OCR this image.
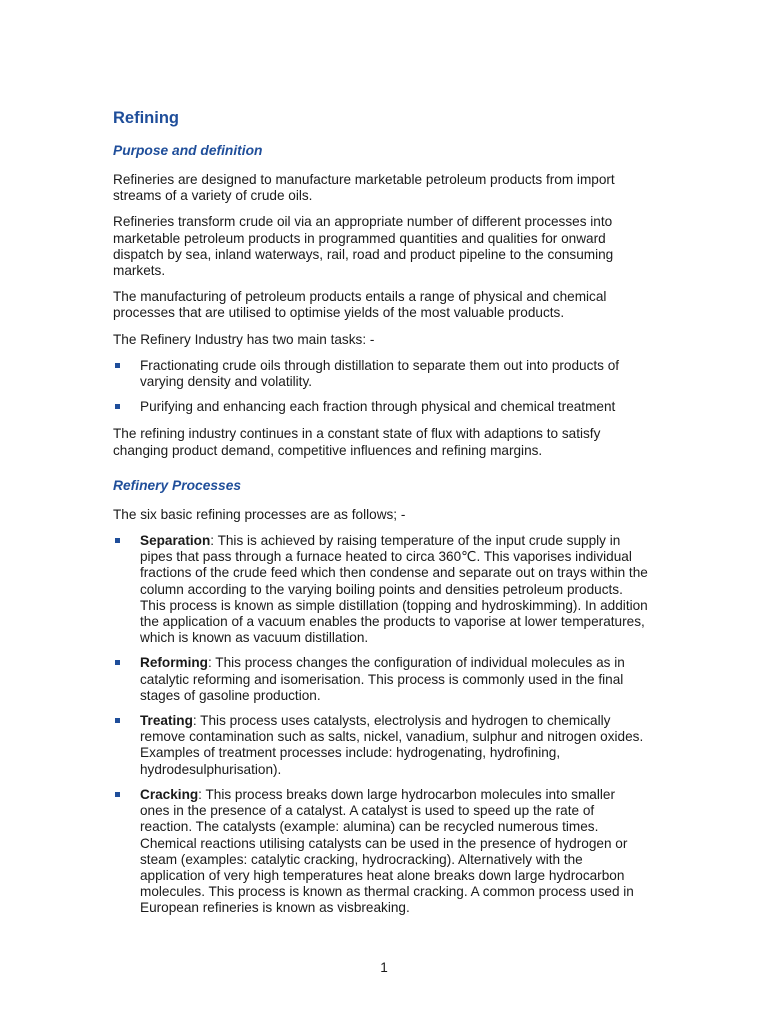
Refining
Purpose and definition
Refineries are designed to manufacture marketable petroleum products from import streams of a variety of crude oils.
Refineries transform crude oil via an appropriate number of different processes into marketable petroleum products in programmed quantities and qualities for onward dispatch by sea, inland waterways, rail, road and product pipeline to the consuming markets.
The manufacturing of petroleum products entails a range of physical and chemical processes that are utilised to optimise yields of the most valuable products.
The Refinery Industry has two main tasks: -
Fractionating crude oils through distillation to separate them out into products of varying density and volatility.
Purifying and enhancing each fraction through physical and chemical treatment
The refining industry continues in a constant state of flux with adaptions to satisfy changing product demand, competitive influences and refining margins.
Refinery Processes
The six basic refining processes are as follows; -
Separation: This is achieved by raising temperature of the input crude supply in pipes that pass through a furnace heated to circa 360℃. This vaporises individual fractions of the crude feed which then condense and separate out on trays within the column according to the varying boiling points and densities petroleum products. This process is known as simple distillation (topping and hydroskimming). In addition the application of a vacuum enables the products to vaporise at lower temperatures, which is known as vacuum distillation.
Reforming: This process changes the configuration of individual molecules as in catalytic reforming and isomerisation. This process is commonly used in the final stages of gasoline production.
Treating: This process uses catalysts, electrolysis and hydrogen to chemically remove contamination such as salts, nickel, vanadium, sulphur and nitrogen oxides. Examples of treatment processes include: hydrogenating, hydrofining, hydrodesulphurisation).
Cracking: This process breaks down large hydrocarbon molecules into smaller ones in the presence of a catalyst. A catalyst is used to speed up the rate of reaction. The catalysts (example: alumina) can be recycled numerous times. Chemical reactions utilising catalysts can be used in the presence of hydrogen or steam (examples: catalytic cracking, hydrocracking). Alternatively with the application of very high temperatures heat alone breaks down large hydrocarbon molecules. This process is known as thermal cracking. A common process used in European refineries is known as visbreaking.
1
